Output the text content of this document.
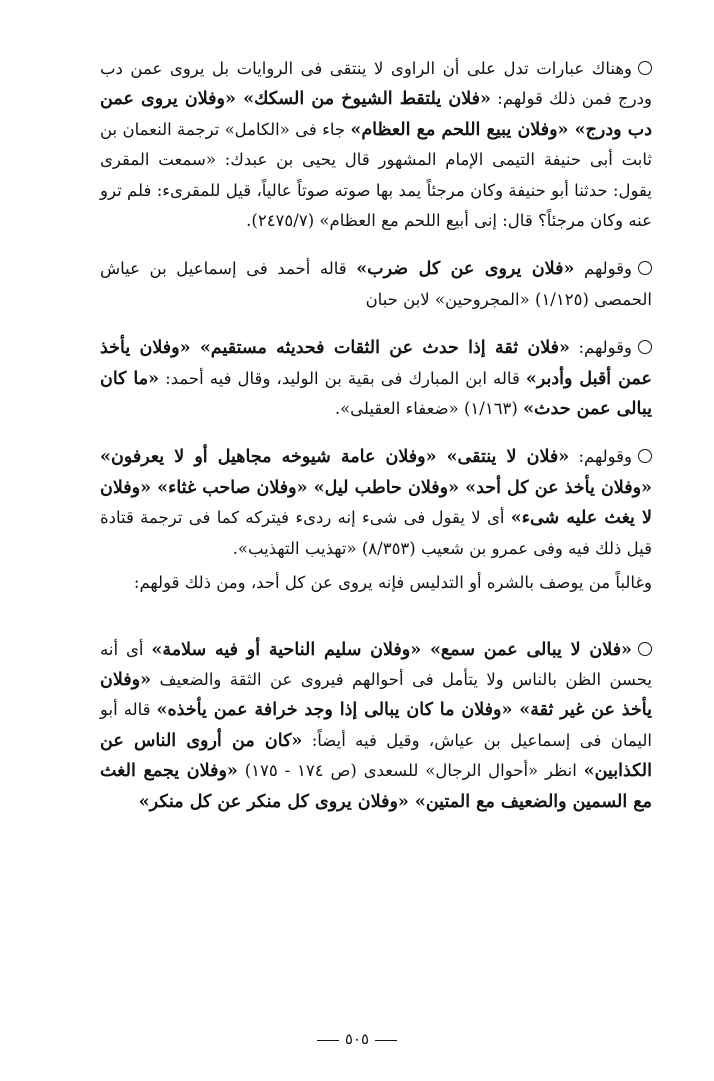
وهناك عبارات تدل على أن الراوى لا ينتقى فى الروايات بل يروى عمن دب ودرج فمن ذلك قولهم: «فلان يلتقط الشيوخ من السكك» «وفلان يروى عمن دب ودرج» «وفلان يبيع اللحم مع العظام» جاء فى «الكامل» ترجمة النعمان بن ثابت أبى حنيفة التيمى الإمام المشهور قال يحيى بن عبدك: «سمعت المقرى يقول: حدثنا أبو حنيفة وكان مرجئاً يمد بها صوته صوتاً عالياً، قيل للمقرىء: فلم ترو عنه وكان مرجئاً؟ قال: إنى أبيع اللحم مع العظام» (٢٤٧٥/٧).

وقولهم «فلان يروى عن كل ضرب» قاله أحمد فى إسماعيل بن عياش الحمصى (١/١٢٥) «المجروحين» لابن حبان

وقولهم: «فلان ثقة إذا حدث عن الثقات فحديثه مستقيم» «وفلان يأخذ عمن أقبل وأدبر» قاله ابن المبارك فى بقية بن الوليد، وقال فيه أحمد: «ما كان يبالى عمن حدث» (١/١٦٣) «ضعفاء العقيلى».

وقولهم: «فلان لا ينتقى» «وفلان عامة شيوخه مجاهيل أو لا يعرفون» «وفلان يأخذ عن كل أحد» «وفلان حاطب ليل» «وفلان صاحب غثاء» «وفلان لا يغث عليه شىء» أى لا يقول فى شىء إنه ردىء فيتركه كما فى ترجمة قتادة قيل ذلك فيه وفى عمرو بن شعيب (٨/٣٥٣) «تهذيب التهذيب».

وغالباً من يوصف بالشره أو التدليس فإنه يروى عن كل أحد، ومن ذلك قولهم:

«فلان لا يبالى عمن سمع» «وفلان سليم الناحية أو فيه سلامة» أى أنه يحسن الظن بالناس ولا يتأمل فى أحوالهم فيروى عن الثقة والضعيف «وفلان يأخذ عن غير ثقة» «وفلان ما كان يبالى إذا وجد خرافة عمن يأخذه» قاله أبو اليمان فى إسماعيل بن عياش، وقيل فيه أيضاً: «كان من أروى الناس عن الكذابين» انظر «أحوال الرجال» للسعدى (ص ١٧٤ - ١٧٥) «وفلان يجمع الغث مع السمين والضعيف مع المتين» «وفلان يروى كل منكر عن كل منكر»

٥٠٥
